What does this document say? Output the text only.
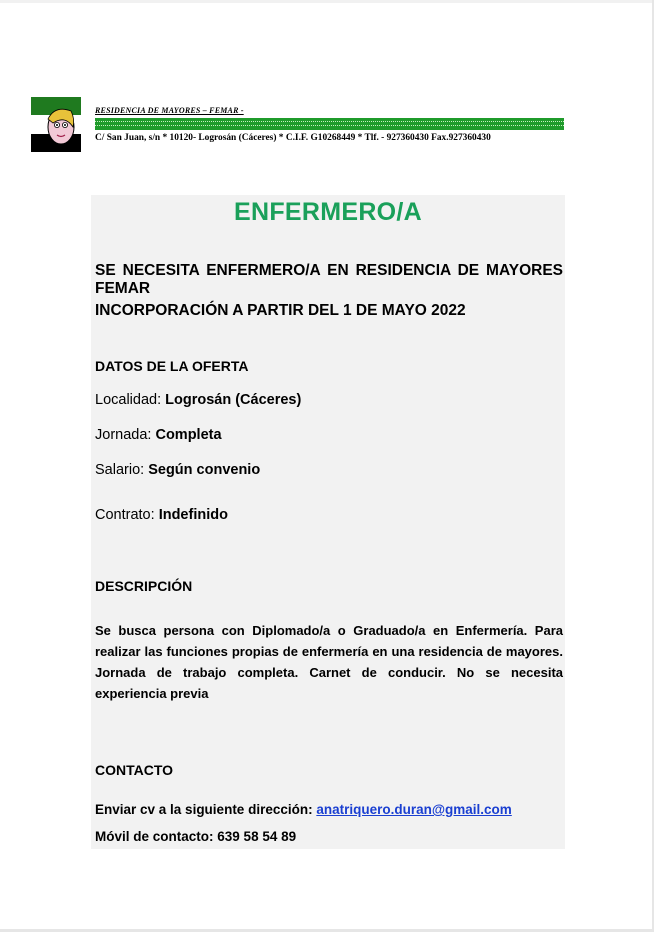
RESIDENCIA DE MAYORES – FEMAR -
C/ San Juan, s/n * 10120- Logrosán (Cáceres) * C.I.F. G10268449 * Tlf. - 927360430 Fax.927360430
ENFERMERO/A
SE NECESITA ENFERMERO/A EN RESIDENCIA DE MAYORES FEMAR
INCORPORACIÓN A PARTIR DEL 1 DE MAYO 2022
DATOS DE LA OFERTA
Localidad: Logrosán (Cáceres)
Jornada: Completa
Salario: Según convenio
Contrato: Indefinido
DESCRIPCIÓN
Se busca persona con Diplomado/a o Graduado/a en Enfermería. Para realizar las funciones propias de enfermería en una residencia de mayores. Jornada de trabajo completa. Carnet de conducir. No se necesita experiencia previa
CONTACTO
Enviar cv a la siguiente dirección: anatriquero.duran@gmail.com
Móvil de contacto: 639 58 54 89
